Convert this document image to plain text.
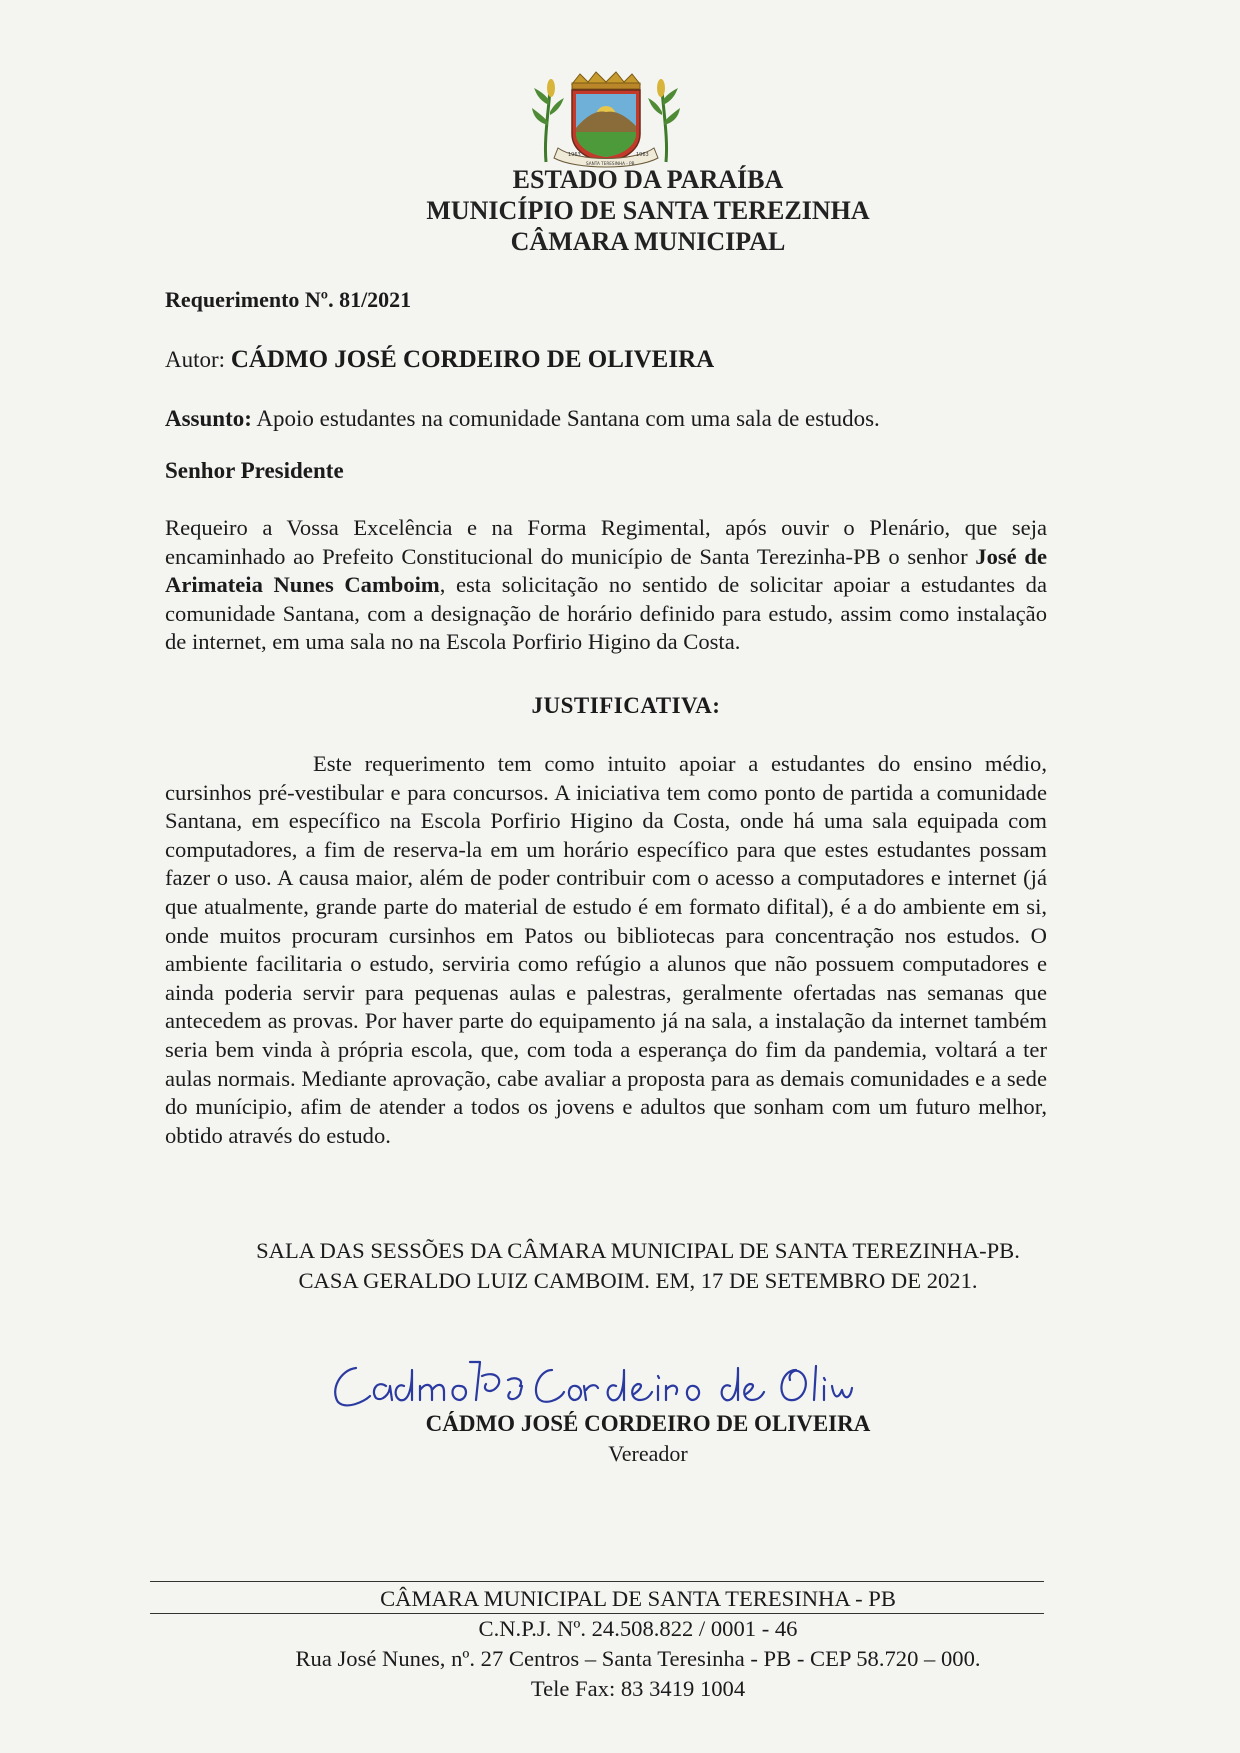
1963	1963
SANTA TERESINHA - PB
ESTADO DA PARAÍBA
MUNICÍPIO DE SANTA TEREZINHA
CÂMARA MUNICIPAL
Requerimento Nº. 81/2021
Autor: CÁDMO JOSÉ CORDEIRO DE OLIVEIRA
Assunto: Apoio estudantes na comunidade Santana com uma sala de estudos.
Senhor Presidente
Requeiro a Vossa Excelência e na Forma Regimental, após ouvir o Plenário, que seja encaminhado ao Prefeito Constitucional do município de Santa Terezinha-PB o senhor José de Arimateia Nunes Camboim, esta solicitação no sentido de solicitar apoiar a estudantes da comunidade Santana, com a designação de horário definido para estudo, assim como instalação de internet, em uma sala no na Escola Porfirio Higino da Costa.
JUSTIFICATIVA:
Este requerimento tem como intuito apoiar a estudantes do ensino médio, cursinhos pré-vestibular e para concursos. A iniciativa tem como ponto de partida a comunidade Santana, em específico na Escola Porfirio Higino da Costa, onde há uma sala equipada com computadores, a fim de reserva-la em um horário específico para que estes estudantes possam fazer o uso. A causa maior, além de poder contribuir com o acesso a computadores e internet (já que atualmente, grande parte do material de estudo é em formato difital), é a do ambiente em si, onde muitos procuram cursinhos em Patos ou bibliotecas para concentração nos estudos. O ambiente facilitaria o estudo, serviria como refúgio a alunos que não possuem computadores e ainda poderia servir para pequenas aulas e palestras, geralmente ofertadas nas semanas que antecedem as provas. Por haver parte do equipamento já na sala, a instalação da internet também seria bem vinda à própria escola, que, com toda a esperança do fim da pandemia, voltará a ter aulas normais. Mediante aprovação, cabe avaliar a proposta para as demais comunidades e a sede do munícipio, afim de atender a todos os jovens e adultos que sonham com um futuro melhor, obtido através do estudo.
SALA DAS SESSÕES DA CÂMARA MUNICIPAL DE SANTA TEREZINHA-PB.
CASA GERALDO LUIZ CAMBOIM. EM, 17 DE SETEMBRO DE 2021.
CÁDMO JOSÉ CORDEIRO DE OLIVEIRA
Vereador
CÂMARA MUNICIPAL DE SANTA TERESINHA - PB
C.N.P.J. Nº. 24.508.822 / 0001 - 46
Rua José Nunes, nº. 27 Centros – Santa Teresinha - PB - CEP 58.720 – 000.
Tele Fax: 83 3419 1004
